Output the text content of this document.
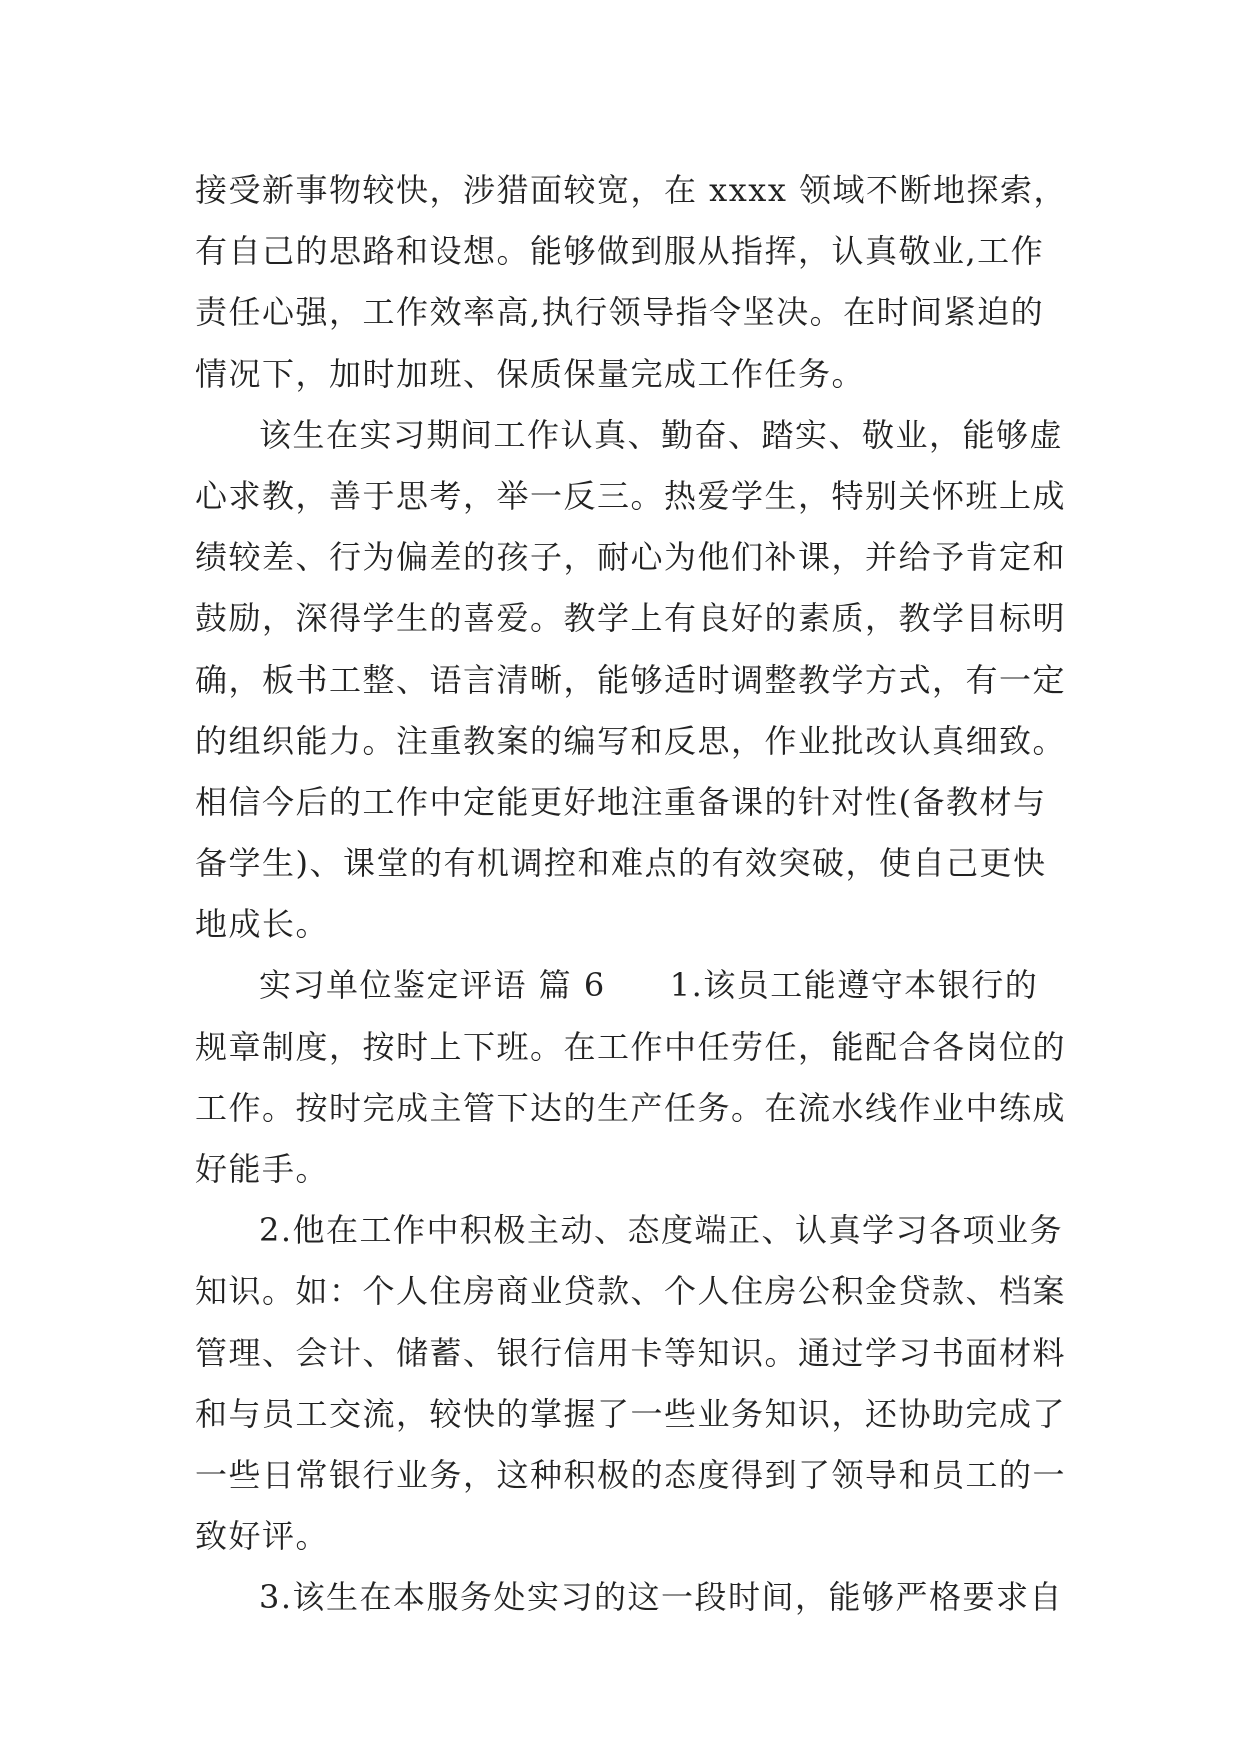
接受新事物较快，涉猎面较宽，在 xxxx 领域不断地探索，
有自己的思路和设想。能够做到服从指挥，认真敬业,工作
责任心强，工作效率高,执行领导指令坚决。在时间紧迫的
情况下，加时加班、保质保量完成工作任务。
该生在实习期间工作认真、勤奋、踏实、敬业，能够虚
心求教，善于思考，举一反三。热爱学生，特别关怀班上成
绩较差、行为偏差的孩子，耐心为他们补课，并给予肯定和
鼓励，深得学生的喜爱。教学上有良好的素质，教学目标明
确，板书工整、语言清晰，能够适时调整教学方式，有一定
的组织能力。注重教案的编写和反思，作业批改认真细致。
相信今后的工作中定能更好地注重备课的针对性(备教材与
备学生)、课堂的有机调控和难点的有效突破，使自己更快
地成长。
实习单位鉴定评语 篇 6 1.该员工能遵守本银行的
规章制度，按时上下班。在工作中任劳任，能配合各岗位的
工作。按时完成主管下达的生产任务。在流水线作业中练成
好能手。
2.他在工作中积极主动、态度端正、认真学习各项业务
知识。如：个人住房商业贷款、个人住房公积金贷款、档案
管理、会计、储蓄、银行信用卡等知识。通过学习书面材料
和与员工交流，较快的掌握了一些业务知识，还协助完成了
一些日常银行业务，这种积极的态度得到了领导和员工的一
致好评。
3.该生在本服务处实习的这一段时间，能够严格要求自
